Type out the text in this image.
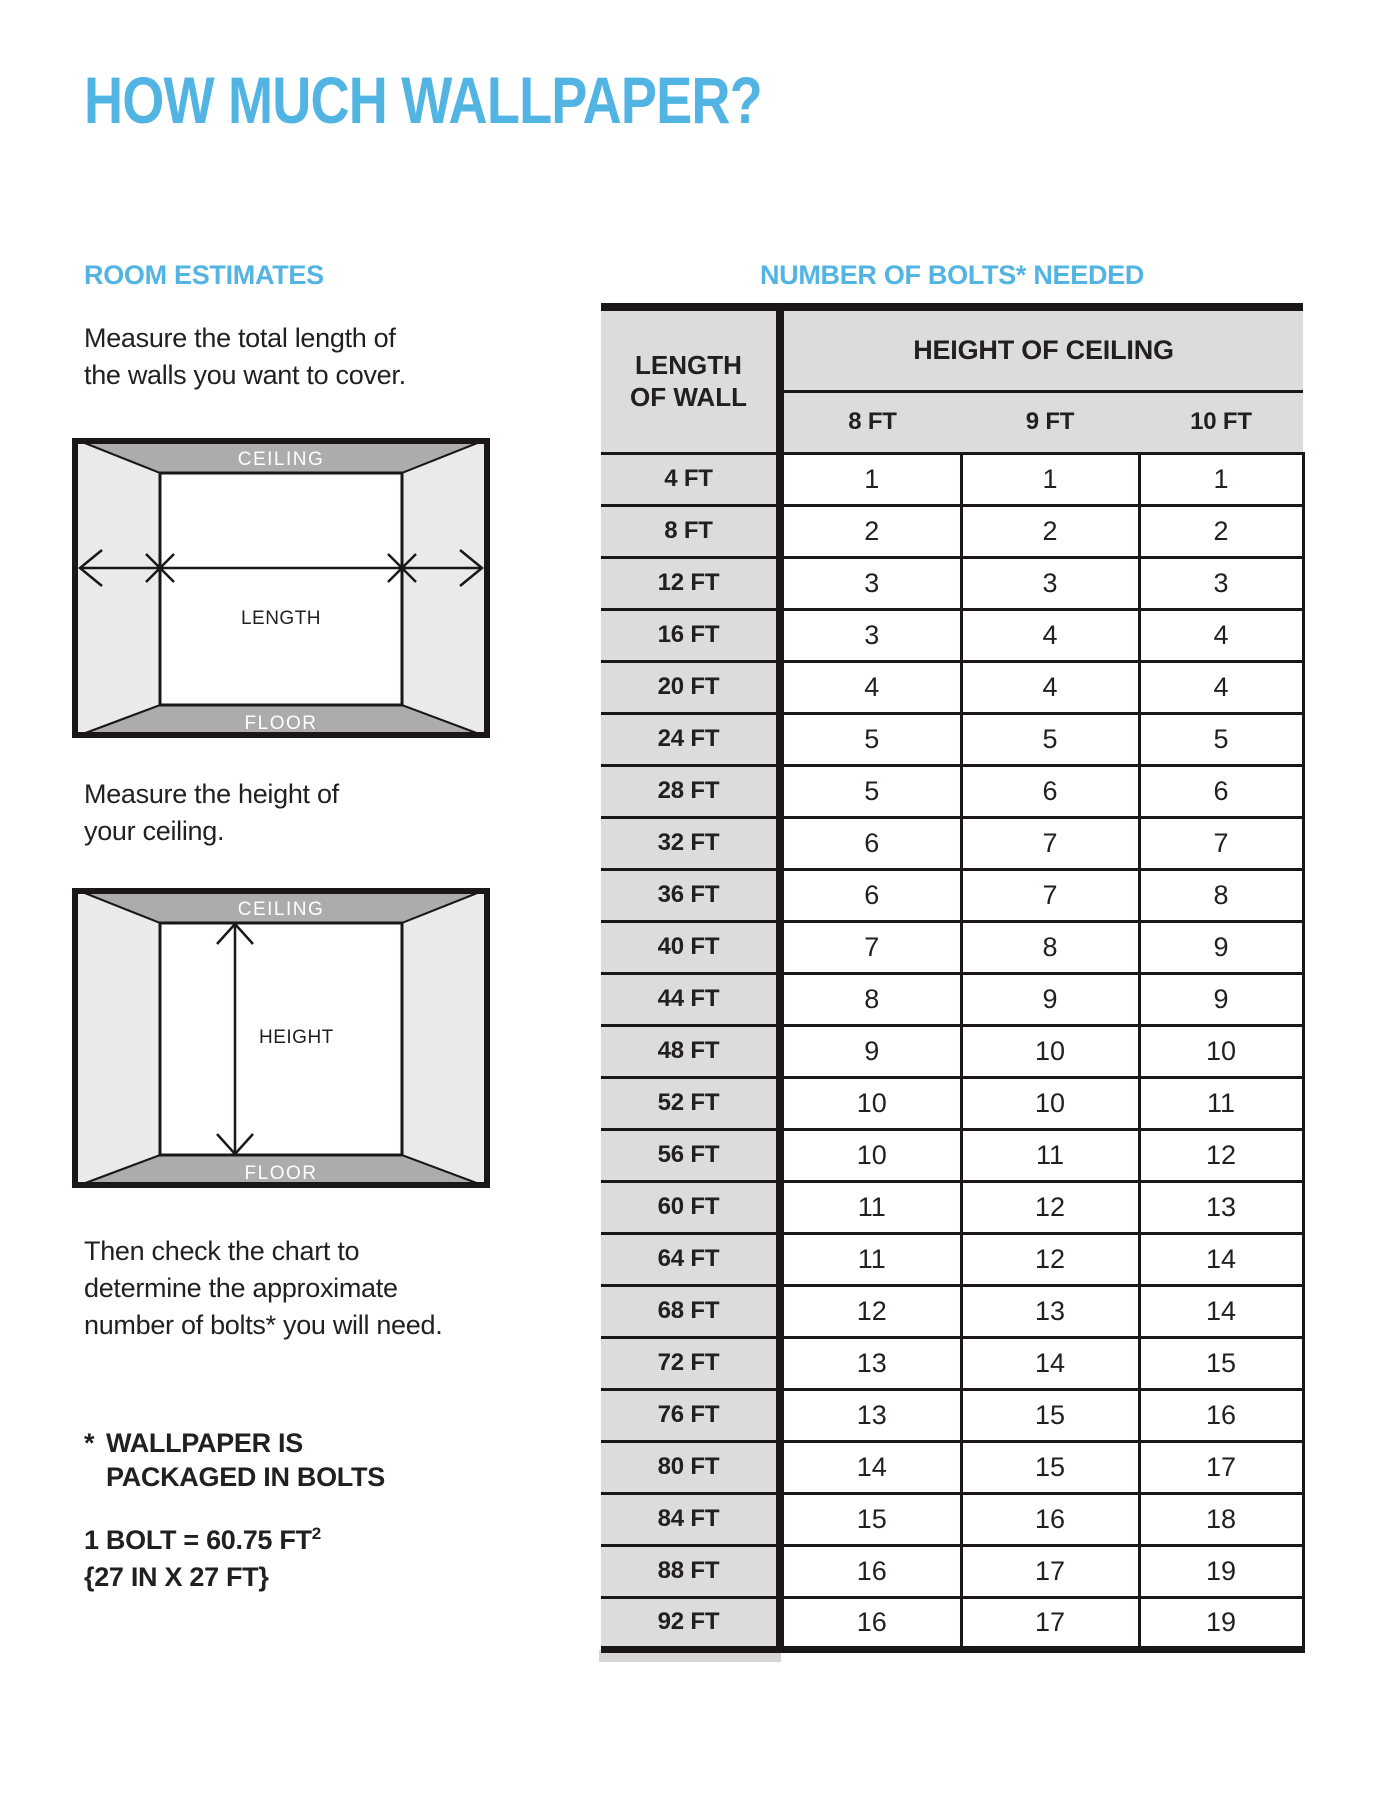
HOW MUCH WALLPAPER?
ROOM ESTIMATES

Measure the total length of
the walls you want to cover.

CEILING
FLOOR
LENGTH

Measure the height of
your ceiling.

CEILING
FLOOR
HEIGHT

Then check the chart to
determine the approximate
number of bolts* you will need.

* WALLPAPER IS
PACKAGED IN BOLTS

1 BOLT = 60.75 $FT^2$
{27 IN X 27 FT}

NUMBER OF BOLTS* NEEDED
LENGTH
OF WALL	HEIGHT OF CEILING		
	8 FT	9 FT	10 FT
4 FT	1	1	1
8 FT	2	2	2
12 FT	3	3	3
16 FT	3	4	4
20 FT	4	4	4
24 FT	5	5	5
28 FT	5	6	6
32 FT	6	7	7
36 FT	6	7	8
40 FT	7	8	9
44 FT	8	9	9
48 FT	9	10	10
52 FT	10	10	11
56 FT	10	11	12
60 FT	11	12	13
64 FT	11	12	14
68 FT	12	13	14
72 FT	13	14	15
76 FT	13	15	16
80 FT	14	15	17
84 FT	15	16	18
88 FT	16	17	19
92 FT	16	17	19
